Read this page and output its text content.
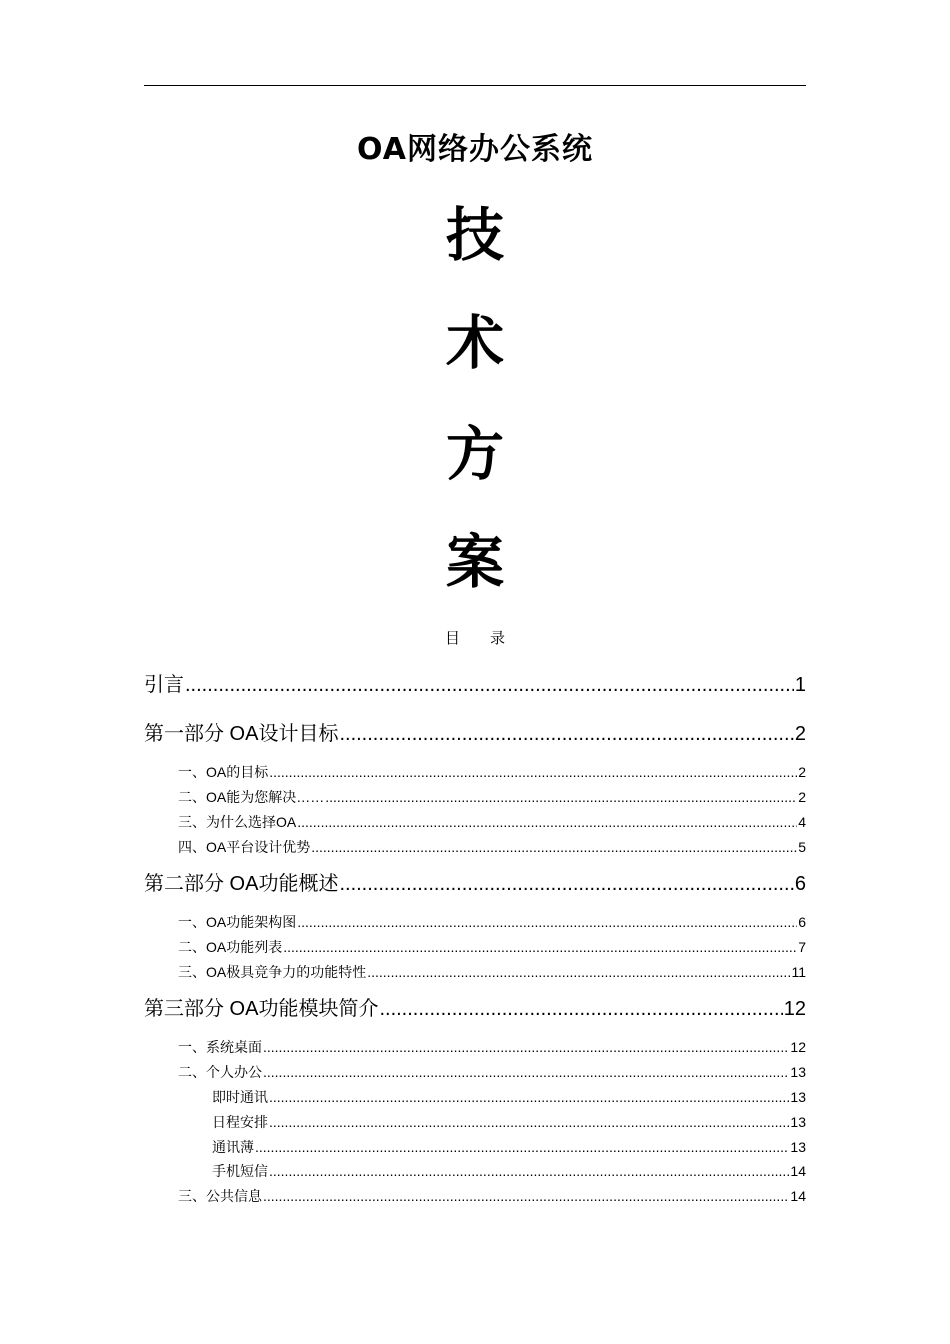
OA网络办公系统
技
术
方
案
目 录
引言 .....	1
第一部分 OA设计目标 .....	2
一、OA的目标 .....	2
二、OA能为您解决…… .....	2
三、为什么选择OA .....	4
四、OA平台设计优势 .....	5
第二部分 OA功能概述 .....	6
一、OA功能架构图 .....	6
二、OA功能列表 .....	7
三、OA极具竞争力的功能特性 .....	11
第三部分 OA功能模块简介 .....	12
一、系统桌面 .....	12
二、个人办公 .....	13
即时通讯 .....	13
日程安排 .....	13
通讯薄 .....	13
手机短信 .....	14
三、公共信息 .....	14
